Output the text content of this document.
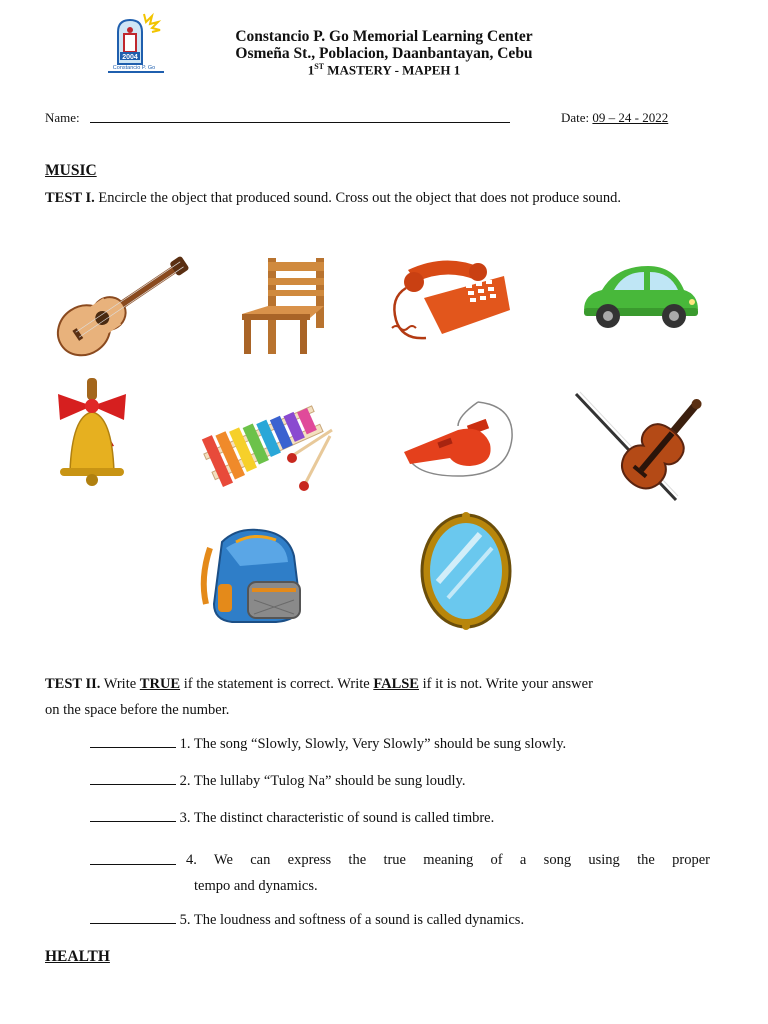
2004
Constancio P. Go
Constancio P. Go Memorial Learning Center
Osmeña St., Poblacion, Daanbantayan, Cebu
1ST MASTERY - MAPEH 1
Name:	Date: 09 – 24 - 2022
MUSIC
TEST I. Encircle the object that produced sound. Cross out the object that does not produce sound.
TEST II. Write TRUE if the statement is correct. Write FALSE if it is not. Write your answer
on the space before the number.
1. The song “Slowly, Slowly, Very Slowly” should be sung slowly.
2. The lullaby “Tulog Na” should be sung loudly.
3. The distinct characteristic of sound is called timbre.
4. We can express the true meaning of a song using the proper
tempo and dynamics.
5. The loudness and softness of a sound is called dynamics.
HEALTH
